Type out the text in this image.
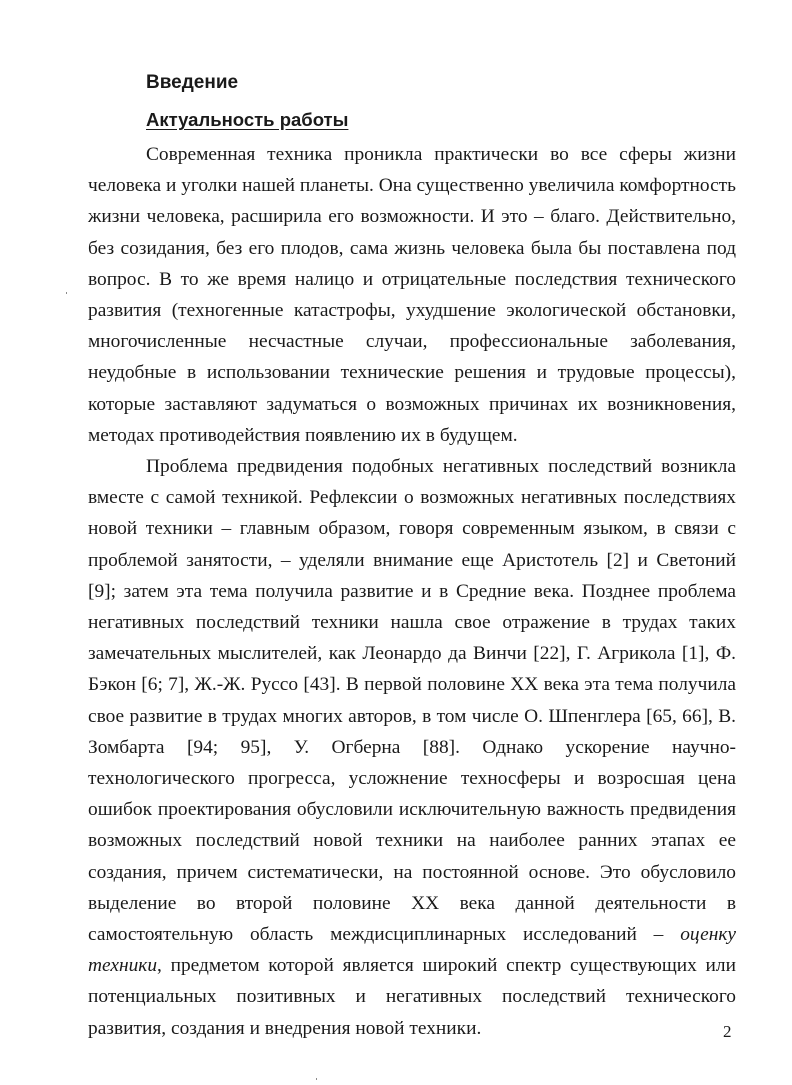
Введение
Актуальность работы

Современная техника проникла практически во все сферы жизни человека и уголки нашей планеты. Она существенно увеличила комфортность жизни человека, расширила его возможности. И это – благо. Действительно, без созидания, без его плодов, сама жизнь человека была бы поставлена под вопрос. В то же время налицо и отрицательные последствия технического развития (техногенные катастрофы, ухудшение экологической обстановки, многочисленные несчастные случаи, профессиональные заболевания, неудобные в использовании технические решения и трудовые процессы), которые заставляют задуматься о возможных причинах их возникновения, методах противодействия появлению их в будущем.

Проблема предвидения подобных негативных последствий возникла вместе с самой техникой. Рефлексии о возможных негативных последствиях новой техники – главным образом, говоря современным языком, в связи с проблемой занятости, – уделяли внимание еще Аристотель [2] и Светоний [9]; затем эта тема получила развитие и в Средние века. Позднее проблема негативных последствий техники нашла свое отражение в трудах таких замечательных мыслителей, как Леонардо да Винчи [22], Г. Агрикола [1], Ф. Бэкон [6; 7], Ж.-Ж. Руссо [43]. В первой половине XX века эта тема получила свое развитие в трудах многих авторов, в том числе О. Шпенглера [65, 66], В. Зомбарта [94; 95], У. Огберна [88]. Однако ускорение научно-технологического прогресса, усложнение техносферы и возросшая цена ошибок проектирования обусловили исключительную важность предвидения возможных последствий новой техники на наиболее ранних этапах ее создания, причем систематически, на постоянной основе. Это обусловило выделение во второй половине XX века данной деятельности в самостоятельную область междисциплинарных исследований – оценку техники, предметом которой является широкий спектр существующих или потенциальных позитивных и негативных последствий технического развития, создания и внедрения новой техники.	2
